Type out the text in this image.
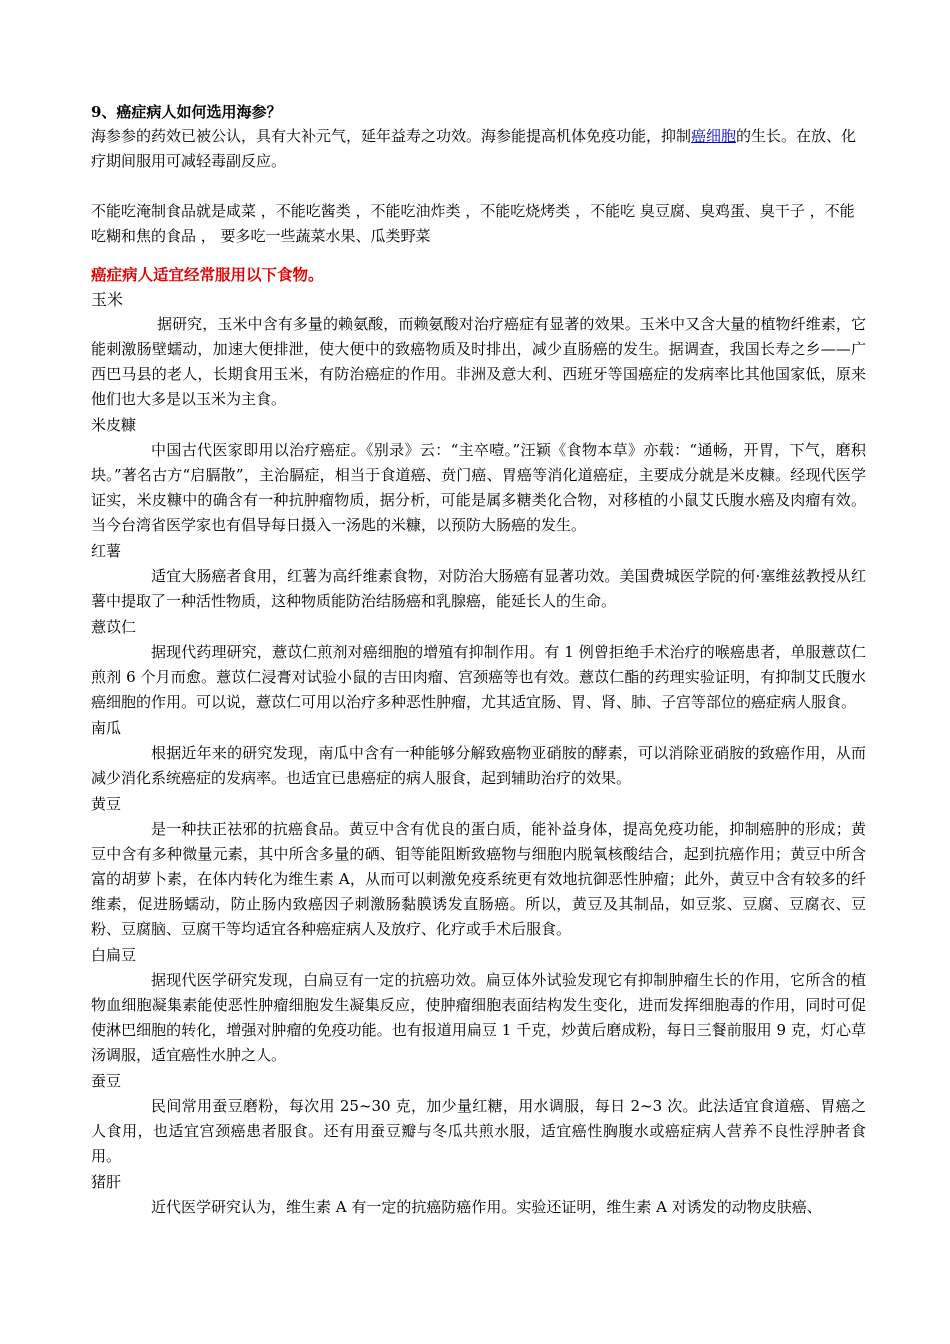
9、癌症病人如何选用海参？
海参参的药效已被公认，具有大补元气，延年益寿之功效。海参能提高机体免疫功能，抑制癌细胞的生长。在放、化疗期间服用可减轻毒副反应。
不能吃淹制食品就是咸菜 ，不能吃酱类 ，不能吃油炸类 ，不能吃烧烤类 ，不能吃 臭豆腐、臭鸡蛋、臭干子 ，不能吃糊和焦的食品 ， 要多吃一些蔬菜水果、瓜类野菜
癌症病人适宜经常服用以下食物。
玉米
据研究，玉米中含有多量的赖氨酸，而赖氨酸对治疗癌症有显著的效果。玉米中又含大量的植物纤维素，它能刺激肠壁蠕动，加速大便排泄，使大便中的致癌物质及时排出，减少直肠癌的发生。据调查，我国长寿之乡——广西巴马县的老人，长期食用玉米，有防治癌症的作用。非洲及意大利、西班牙等国癌症的发病率比其他国家低，原来他们也大多是以玉米为主食。
米皮糠
中国古代医家即用以治疗癌症。《别录》云：“主卒噎。”汪颖《食物本草》亦载：“通畅，开胃，下气，磨积块。”著名古方“启膈散”，主治膈症，相当于食道癌、贲门癌、胃癌等消化道癌症，主要成分就是米皮糠。经现代医学证实，米皮糠中的确含有一种抗肿瘤物质，据分析，可能是属多糖类化合物，对移植的小鼠艾氏腹水癌及肉瘤有效。当今台湾省医学家也有倡导每日摄入一汤匙的米糠，以预防大肠癌的发生。
红薯
适宜大肠癌者食用，红薯为高纤维素食物，对防治大肠癌有显著功效。美国费城医学院的何·塞维兹教授从红薯中提取了一种活性物质，这种物质能防治结肠癌和乳腺癌，能延长人的生命。
薏苡仁
据现代药理研究，薏苡仁煎剂对癌细胞的增殖有抑制作用。有 1 例曾拒绝手术治疗的喉癌患者，单服薏苡仁煎剂 6 个月而愈。薏苡仁浸膏对试验小鼠的吉田肉瘤、宫颈癌等也有效。薏苡仁酯的药理实验证明，有抑制艾氏腹水癌细胞的作用。可以说，薏苡仁可用以治疗多种恶性肿瘤，尤其适宜肠、胃、肾、肺、子宫等部位的癌症病人服食。
南瓜
根据近年来的研究发现，南瓜中含有一种能够分解致癌物亚硝胺的酵素，可以消除亚硝胺的致癌作用，从而减少消化系统癌症的发病率。也适宜已患癌症的病人服食，起到辅助治疗的效果。
黄豆
是一种扶正祛邪的抗癌食品。黄豆中含有优良的蛋白质，能补益身体，提高免疫功能，抑制癌肿的形成；黄豆中含有多种微量元素，其中所含多量的硒、钼等能阻断致癌物与细胞内脱氧核酸结合，起到抗癌作用；黄豆中所含富的胡萝卜素，在体内转化为维生素 A，从而可以刺激免疫系统更有效地抗御恶性肿瘤；此外，黄豆中含有较多的纤维素，促进肠蠕动，防止肠内致癌因子刺激肠黏膜诱发直肠癌。所以，黄豆及其制品，如豆浆、豆腐、豆腐衣、豆粉、豆腐脑、豆腐干等均适宜各种癌症病人及放疗、化疗或手术后服食。
白扁豆
据现代医学研究发现，白扁豆有一定的抗癌功效。扁豆体外试验发现它有抑制肿瘤生长的作用，它所含的植物血细胞凝集素能使恶性肿瘤细胞发生凝集反应，使肿瘤细胞表面结构发生变化，进而发挥细胞毒的作用，同时可促使淋巴细胞的转化，增强对肿瘤的免疫功能。也有报道用扁豆 1 千克，炒黄后磨成粉，每日三餐前服用 9 克，灯心草汤调服，适宜癌性水肿之人。
蚕豆
民间常用蚕豆磨粉，每次用 25~30 克，加少量红糖，用水调服，每日 2~3 次。此法适宜食道癌、胃癌之人食用，也适宜宫颈癌患者服食。还有用蚕豆瓣与冬瓜共煎水服，适宜癌性胸腹水或癌症病人营养不良性浮肿者食用。
猪肝
近代医学研究认为，维生素 A 有一定的抗癌防癌作用。实验还证明，维生素 A 对诱发的动物皮肤癌、
